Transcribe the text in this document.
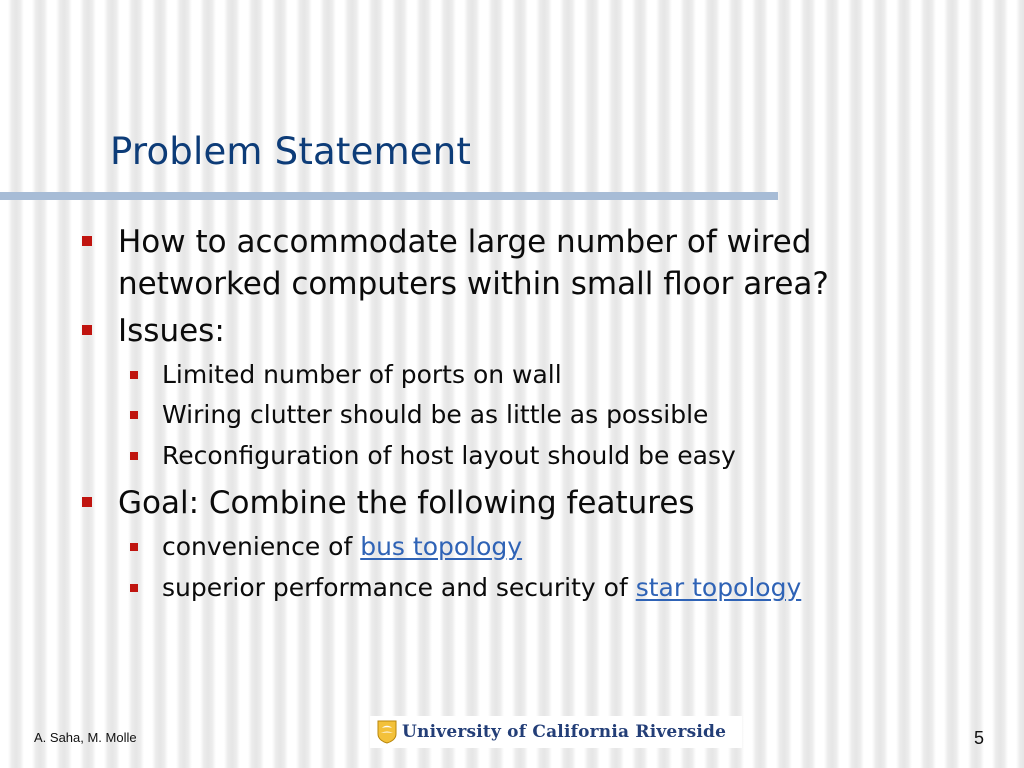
Problem Statement
How to accommodate large number of wired
networked computers within small floor area?
Issues:
Limited number of ports on wall
Wiring clutter should be as little as possible
Reconfiguration of host layout should be easy
Goal: Combine the following features
convenience of bus topology
superior performance and security of star topology
A. Saha, M. Molle	University of California Riverside	5
